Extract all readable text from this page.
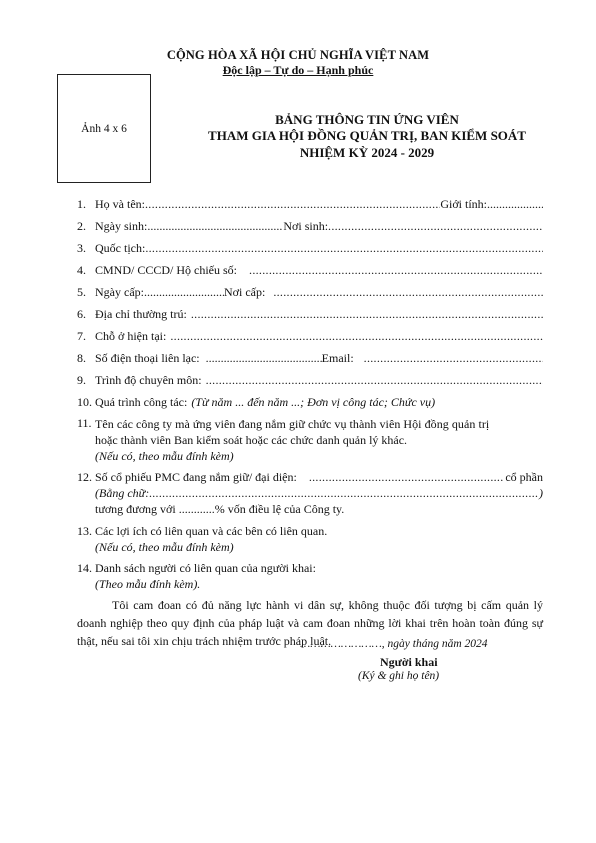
CỘNG HÒA XÃ HỘI CHỦ NGHĨA VIỆT NAM
Độc lập – Tự do – Hạnh phúc
Ảnh 4 x 6
BẢNG THÔNG TIN ỨNG VIÊN
THAM GIA HỘI ĐỒNG QUẢN TRỊ, BAN KIỂM SOÁT
NHIỆM KỲ 2024 - 2029
1. Họ và tên: .....	Giới tính:
.....
2. Ngày sinh: .....	Nơi sinh:
.....
3. Quốc tịch:
.....
4. CMND/ CCCD/ Hộ chiếu số:
.....
5. Ngày cấp: .....	Nơi cấp:
.....
6. Địa chỉ thường trú:
.....
7. Chỗ ở hiện tại:
.....
8. Số điện thoại liên lạc: .....	Email:
.....
9. Trình độ chuyên môn:
.....
10. Quá trình công tác: (Từ năm ... đến năm ...; Đơn vị công tác; Chức vụ)
11. Tên các công ty mà ứng viên đang nắm giữ chức vụ thành viên Hội đồng quản trị
hoặc thành viên Ban kiểm soát hoặc các chức danh quản lý khác.
(Nếu có, theo mẫu đính kèm)
12. Số cổ phiếu PMC đang nắm giữ/ đại diện: .....	cổ phần
(Bằng chữ: .....	)
tương đương với ............% vốn điều lệ của Công ty.
13. Các lợi ích có liên quan và các bên có liên quan.
(Nếu có, theo mẫu đính kèm)
14. Danh sách người có liên quan của người khai:
(Theo mẫu đính kèm).
Tôi cam đoan có đủ năng lực hành vi dân sự, không thuộc đối tượng bị cấm quản lý doanh nghiệp theo quy định của pháp luật và cam đoan những lời khai trên hoàn toàn đúng sự thật, nếu sai tôi xin chịu trách nhiệm trước pháp luật.
……………………, ngày tháng năm 2024
Người khai
(Ký & ghi họ tên)
